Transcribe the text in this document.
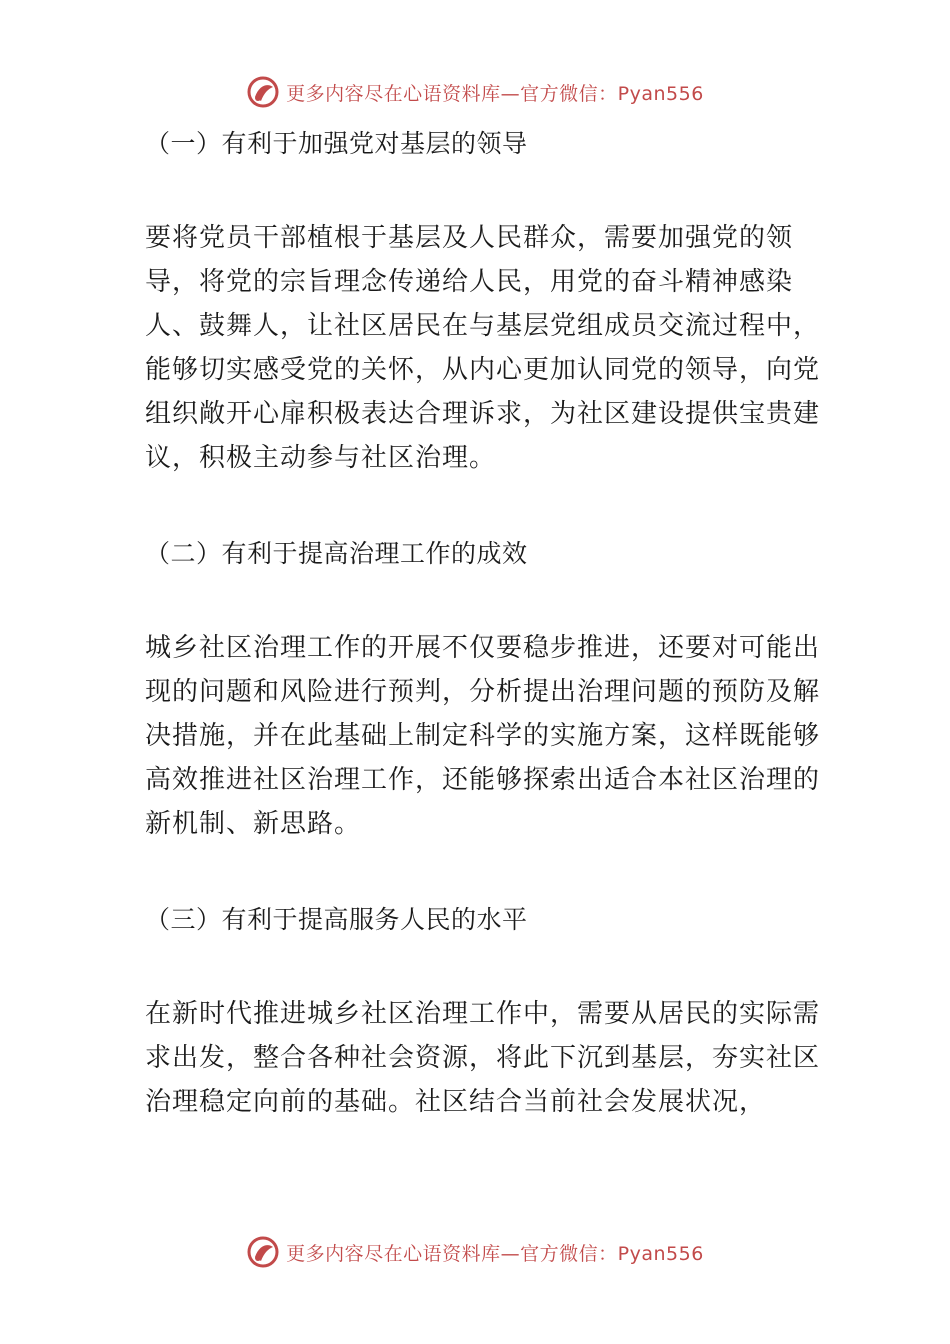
更多内容尽在心语资料库—官方微信：Pyan556

（一）有利于加强党对基层的领导

要将党员干部植根于基层及人民群众，需要加强党的领导，将党的宗旨理念传递给人民，用党的奋斗精神感染人、鼓舞人，让社区居民在与基层党组成员交流过程中，能够切实感受党的关怀，从内心更加认同党的领导，向党组织敞开心扉积极表达合理诉求，为社区建设提供宝贵建议，积极主动参与社区治理。

（二）有利于提高治理工作的成效

城乡社区治理工作的开展不仅要稳步推进，还要对可能出现的问题和风险进行预判，分析提出治理问题的预防及解决措施，并在此基础上制定科学的实施方案，这样既能够高效推进社区治理工作，还能够探索出适合本社区治理的新机制、新思路。

（三）有利于提高服务人民的水平

在新时代推进城乡社区治理工作中，需要从居民的实际需求出发，整合各种社会资源，将此下沉到基层，夯实社区治理稳定向前的基础。社区结合当前社会发展状况，

更多内容尽在心语资料库—官方微信：Pyan556
